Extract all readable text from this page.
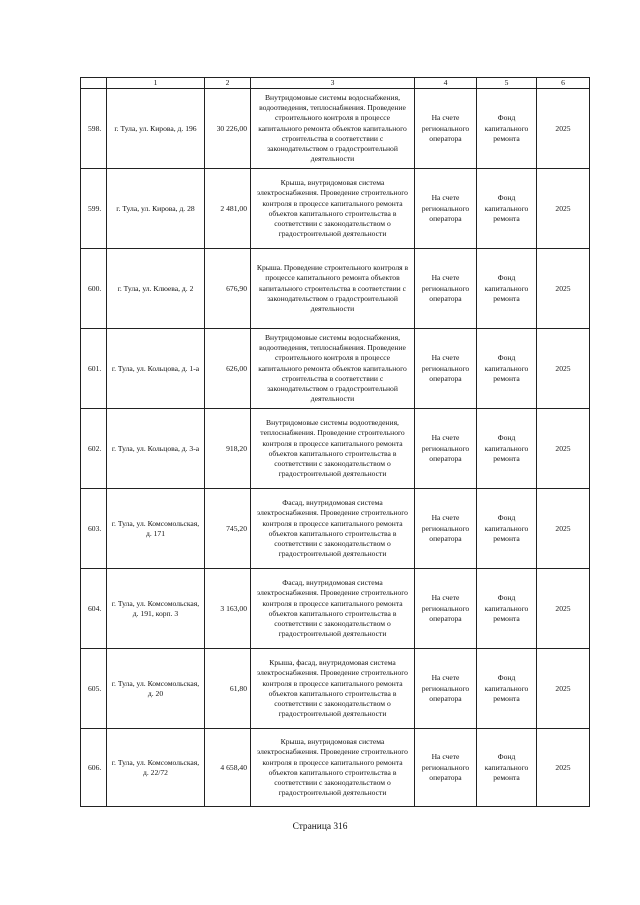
	1	2	3	4	5	6
598.	г. Тула, ул. Кирова, д. 196	30 226,00	Внутридомовые системы водоснабжения, водоотведения, теплоснабжения. Проведение строительного контроля в процессе капитального ремонта объектов капитального строительства в соответствии с законодательством о градостроительной деятельности	На счете регионального оператора	Фонд капитального ремонта	2025
599.	г. Тула, ул. Кирова, д. 28	2 481,00	Крыша, внутридомовая система электроснабжения. Проведение строительного контроля в процессе капитального ремонта объектов капитального строительства в соответствии с законодательством о градостроительной деятельности	На счете регионального оператора	Фонд капитального ремонта	2025
600.	г. Тула, ул. Клюева, д. 2	676,90	Крыша. Проведение строительного контроля в процессе капитального ремонта объектов капитального строительства в соответствии с законодательством о градостроительной деятельности	На счете регионального оператора	Фонд капитального ремонта	2025
601.	г. Тула, ул. Кольцова, д. 1-а	626,00	Внутридомовые системы водоснабжения, водоотведения, теплоснабжения. Проведение строительного контроля в процессе капитального ремонта объектов капитального строительства в соответствии с законодательством о градостроительной деятельности	На счете регионального оператора	Фонд капитального ремонта	2025
602.	г. Тула, ул. Кольцова, д. 3-а	918,20	Внутридомовые системы водоотведения, теплоснабжения. Проведение строительного контроля в процессе капитального ремонта объектов капитального строительства в соответствии с законодательством о градостроительной деятельности	На счете регионального оператора	Фонд капитального ремонта	2025
603.	г. Тула, ул. Комсомольская, д. 171	745,20	Фасад, внутридомовая система электроснабжения. Проведение строительного контроля в процессе капитального ремонта объектов капитального строительства в соответствии с законодательством о градостроительной деятельности	На счете регионального оператора	Фонд капитального ремонта	2025
604.	г. Тула, ул. Комсомольская, д. 191, корп. 3	3 163,00	Фасад, внутридомовая система электроснабжения. Проведение строительного контроля в процессе капитального ремонта объектов капитального строительства в соответствии с законодательством о градостроительной деятельности	На счете регионального оператора	Фонд капитального ремонта	2025
605.	г. Тула, ул. Комсомольская, д. 20	61,80	Крыша, фасад, внутридомовая система электроснабжения. Проведение строительного контроля в процессе капитального ремонта объектов капитального строительства в соответствии с законодательством о градостроительной деятельности	На счете регионального оператора	Фонд капитального ремонта	2025
606.	г. Тула, ул. Комсомольская, д. 22/72	4 658,40	Крыша, внутридомовая система электроснабжения. Проведение строительного контроля в процессе капитального ремонта объектов капитального строительства в соответствии с законодательством о градостроительной деятельности	На счете регионального оператора	Фонд капитального ремонта	2025
Страница 316
